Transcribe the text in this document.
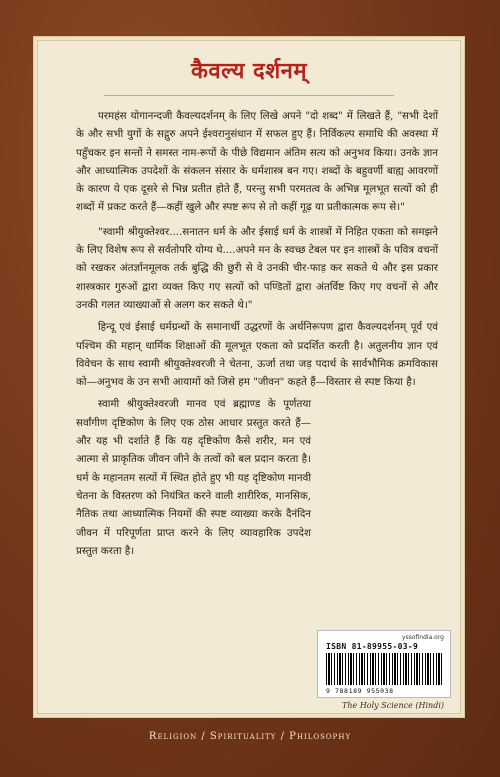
कैवल्य दर्शनम्

परमहंस योगानन्दजी कैवल्यदर्शनम् के लिए लिखे अपने "दो शब्द" में लिखते हैं, "सभी देशों के और सभी युगों के सद्गुरु अपने ईश्वरानुसंधान में सफल हुए हैं। निर्विकल्प समाधि की अवस्था में पहुँचकर इन सन्तों ने समस्त नाम-रूपों के पीछे विद्यमान अंतिम सत्य को अनुभव किया। उनके ज्ञान और आध्यात्मिक उपदेशों के संकलन संसार के धर्मशास्त्र बन गए। शब्दों के बहुवर्णी बाह्य आवरणों के कारण ये एक दूसरे से भिन्न प्रतीत होते हैं, परन्तु सभी परमतत्व के अभिन्न मूलभूत सत्यों को ही शब्दों में प्रकट करते हैं—कहीं खुले और स्पष्ट रूप से तो कहीं गूढ़ या प्रतीकात्मक रूप से।"

"स्वामी श्रीयुक्तेश्वर....सनातन धर्म के और ईसाई धर्म के शास्त्रों में निहित एकता को समझने के लिए विशेष रूप से सर्वतोपरि योग्य थे....अपने मन के स्वच्छ टेबल पर इन शास्त्रों के पवित्र वचनों को रखकर अंतर्ज्ञानमूलक तर्क बुद्धि की छुरी से वे उनकी चीर-फाड़ कर सकते थे और इस प्रकार शास्त्रकार गुरुओं द्वारा व्यक्त किए गए सत्यों को पण्डितों द्वारा अंतर्विष्ट किए गए वचनों से और उनकी गलत व्याख्याओं से अलग कर सकते थे।"

हिन्दू एवं ईसाई धर्मग्रन्थों के समानार्थी उद्धरणों के अर्थनिरूपण द्वारा कैवल्यदर्शनम् पूर्व एवं पश्चिम की महान् धार्मिक शिक्षाओं की मूलभूत एकता को प्रदर्शित करती है। अतुलनीय ज्ञान एवं विवेचन के साथ स्वामी श्रीयुक्तेश्वरजी ने चेतना, ऊर्जा तथा जड़ पदार्थ के सार्वभौमिक क्रमविकास को—अनुभव के उन सभी आयामों को जिसे हम "जीवन" कहते हैं—विस्तार से स्पष्ट किया है।

स्वामी श्रीयुक्तेश्वरजी मानव एवं ब्रह्माण्ड के पूर्णतया सर्वांगीण दृष्टिकोण के लिए एक ठोस आधार प्रस्तुत करते हैं—और यह भी दर्शाते हैं कि यह दृष्टिकोण कैसे शरीर, मन एवं आत्मा से प्राकृतिक जीवन जीने के तत्वों को बल प्रदान करता है। धर्म के महानतम सत्यों में स्थित होते हुए भी यह दृष्टिकोण मानवी चेतना के विस्तरण को नियंत्रित करने वाली शारीरिक, मानसिक, नैतिक तथा आध्यात्मिक नियमों की स्पष्ट व्याख्या करके दैनंदिन जीवन में परिपूर्णता प्राप्त करने के लिए व्यावहारिक उपदेश प्रस्तुत करता है।

yssofindia.org
ISBN 81-89955-03-9
9 788189 955038
The Holy Science (Hindi)
Religion / Spirituality / Philosophy
